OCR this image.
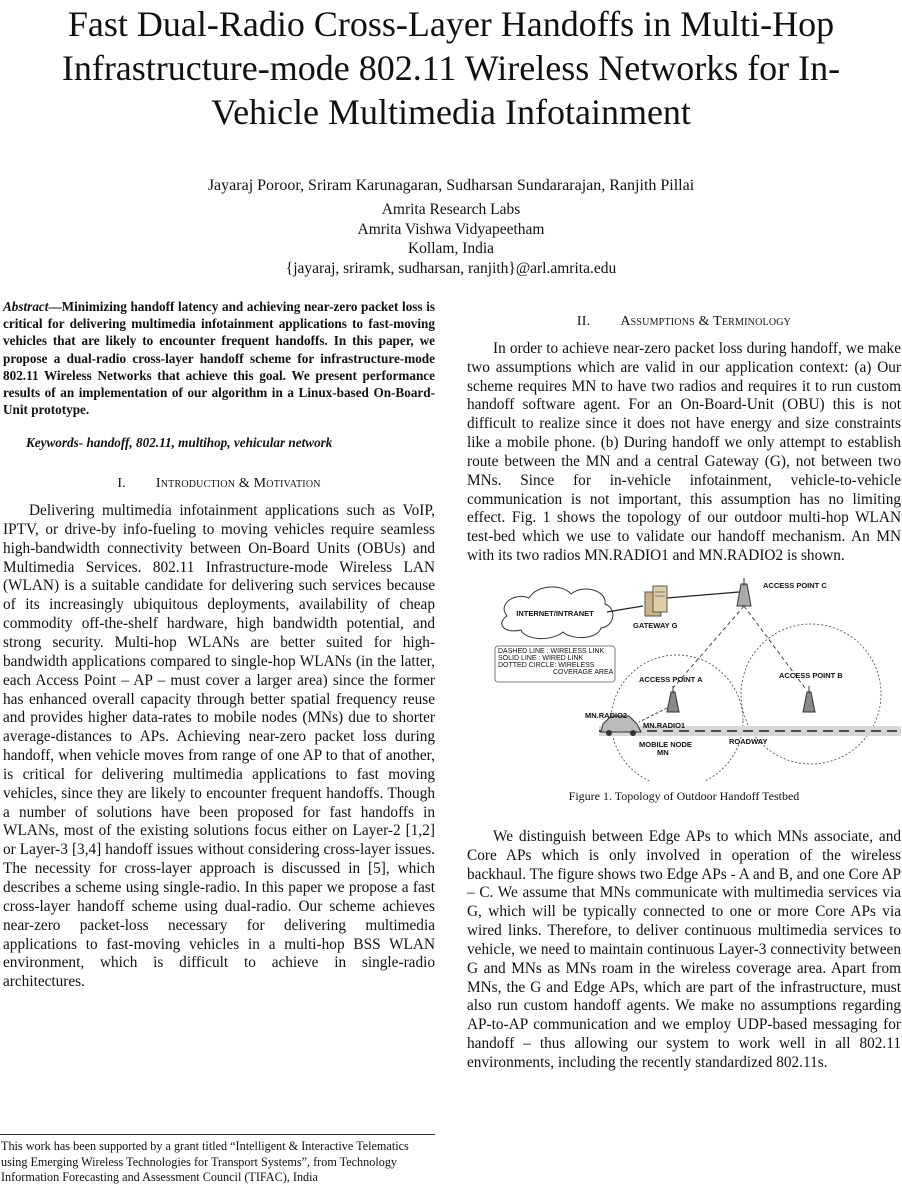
Fast Dual-Radio Cross-Layer Handoffs in Multi-Hop
Infrastructure-mode 802.11 Wireless Networks for In-
Vehicle Multimedia Infotainment
Jayaraj Poroor, Sriram Karunagaran, Sudharsan Sundararajan, Ranjith Pillai
Amrita Research Labs
Amrita Vishwa Vidyapeetham
Kollam, India
{jayaraj, sriramk, sudharsan, ranjith}@arl.amrita.edu

Abstract—Minimizing handoff latency and achieving near-zero packet loss is critical for delivering multimedia infotainment applications to fast-moving vehicles that are likely to encounter frequent handoffs. In this paper, we propose a dual-radio cross-layer handoff scheme for infrastructure-mode 802.11 Wireless Networks that achieve this goal. We present performance results of an implementation of our algorithm in a Linux-based On-Board-Unit prototype.

Keywords- handoff, 802.11, multihop, vehicular network
I. Introduction & Motivation

Delivering multimedia infotainment applications such as VoIP, IPTV, or drive-by info-fueling to moving vehicles require seamless high-bandwidth connectivity between On-Board Units (OBUs) and Multimedia Services. 802.11 Infrastructure-mode Wireless LAN (WLAN) is a suitable candidate for delivering such services because of its increasingly ubiquitous deployments, availability of cheap commodity off-the-shelf hardware, high bandwidth potential, and strong security. Multi-hop WLANs are better suited for high-bandwidth applications compared to single-hop WLANs (in the latter, each Access Point – AP – must cover a larger area) since the former has enhanced overall capacity through better spatial frequency reuse and provides higher data-rates to mobile nodes (MNs) due to shorter average-distances to APs. Achieving near-zero packet loss during handoff, when vehicle moves from range of one AP to that of another, is critical for delivering multimedia applications to fast moving vehicles, since they are likely to encounter frequent handoffs. Though a number of solutions have been proposed for fast handoffs in WLANs, most of the existing solutions focus either on Layer-2 [1,2] or Layer-3 [3,4] handoff issues without considering cross-layer issues. The necessity for cross-layer approach is discussed in [5], which describes a scheme using single-radio. In this paper we propose a fast cross-layer handoff scheme using dual-radio. Our scheme achieves near-zero packet-loss necessary for delivering multimedia applications to fast-moving vehicles in a multi-hop BSS WLAN environment, which is difficult to achieve in single-radio architectures.

II. Assumptions & Terminology

In order to achieve near-zero packet loss during handoff, we make two assumptions which are valid in our application context: (a) Our scheme requires MN to have two radios and requires it to run custom handoff software agent. For an On-Board-Unit (OBU) this is not difficult to realize since it does not have energy and size constraints like a mobile phone. (b) During handoff we only attempt to establish route between the MN and a central Gateway (G), not between two MNs. Since for in-vehicle infotainment, vehicle-to-vehicle communication is not important, this assumption has no limiting effect. Fig. 1 shows the topology of our outdoor multi-hop WLAN test-bed which we use to validate our handoff mechanism. An MN with its two radios MN.RADIO1 and MN.RADIO2 is shown.

INTERNET/INTRANET
GATEWAY G
ACCESS POINT C
DASHED LINE : WIRELESS LINK
SOLID LINE : WIRED LINK
DOTTED CIRCLE: WIRELESS
COVERAGE AREA
ACCESS POINT A	ACCESS POINT B
MN.RADIO2
MN.RADIO1
MOBILE NODE
MN
ROADWAY
Figure 1. Topology of Outdoor Handoff Testbed

We distinguish between Edge APs to which MNs associate, and Core APs which is only involved in operation of the wireless backhaul. The figure shows two Edge APs - A and B, and one Core AP – C. We assume that MNs communicate with multimedia services via G, which will be typically connected to one or more Core APs via wired links. Therefore, to deliver continuous multimedia services to vehicle, we need to maintain continuous Layer-3 connectivity between G and MNs as MNs roam in the wireless coverage area. Apart from MNs, the G and Edge APs, which are part of the infrastructure, must also run custom handoff agents. We make no assumptions regarding AP-to-AP communication and we employ UDP-based messaging for handoff – thus allowing our system to work well in all 802.11 environments, including the recently standardized 802.11s.

This work has been supported by a grant titled “Intelligent & Interactive Telematics using Emerging Wireless Technologies for Transport Systems”, from Technology Information Forecasting and Assessment Council (TIFAC), India
